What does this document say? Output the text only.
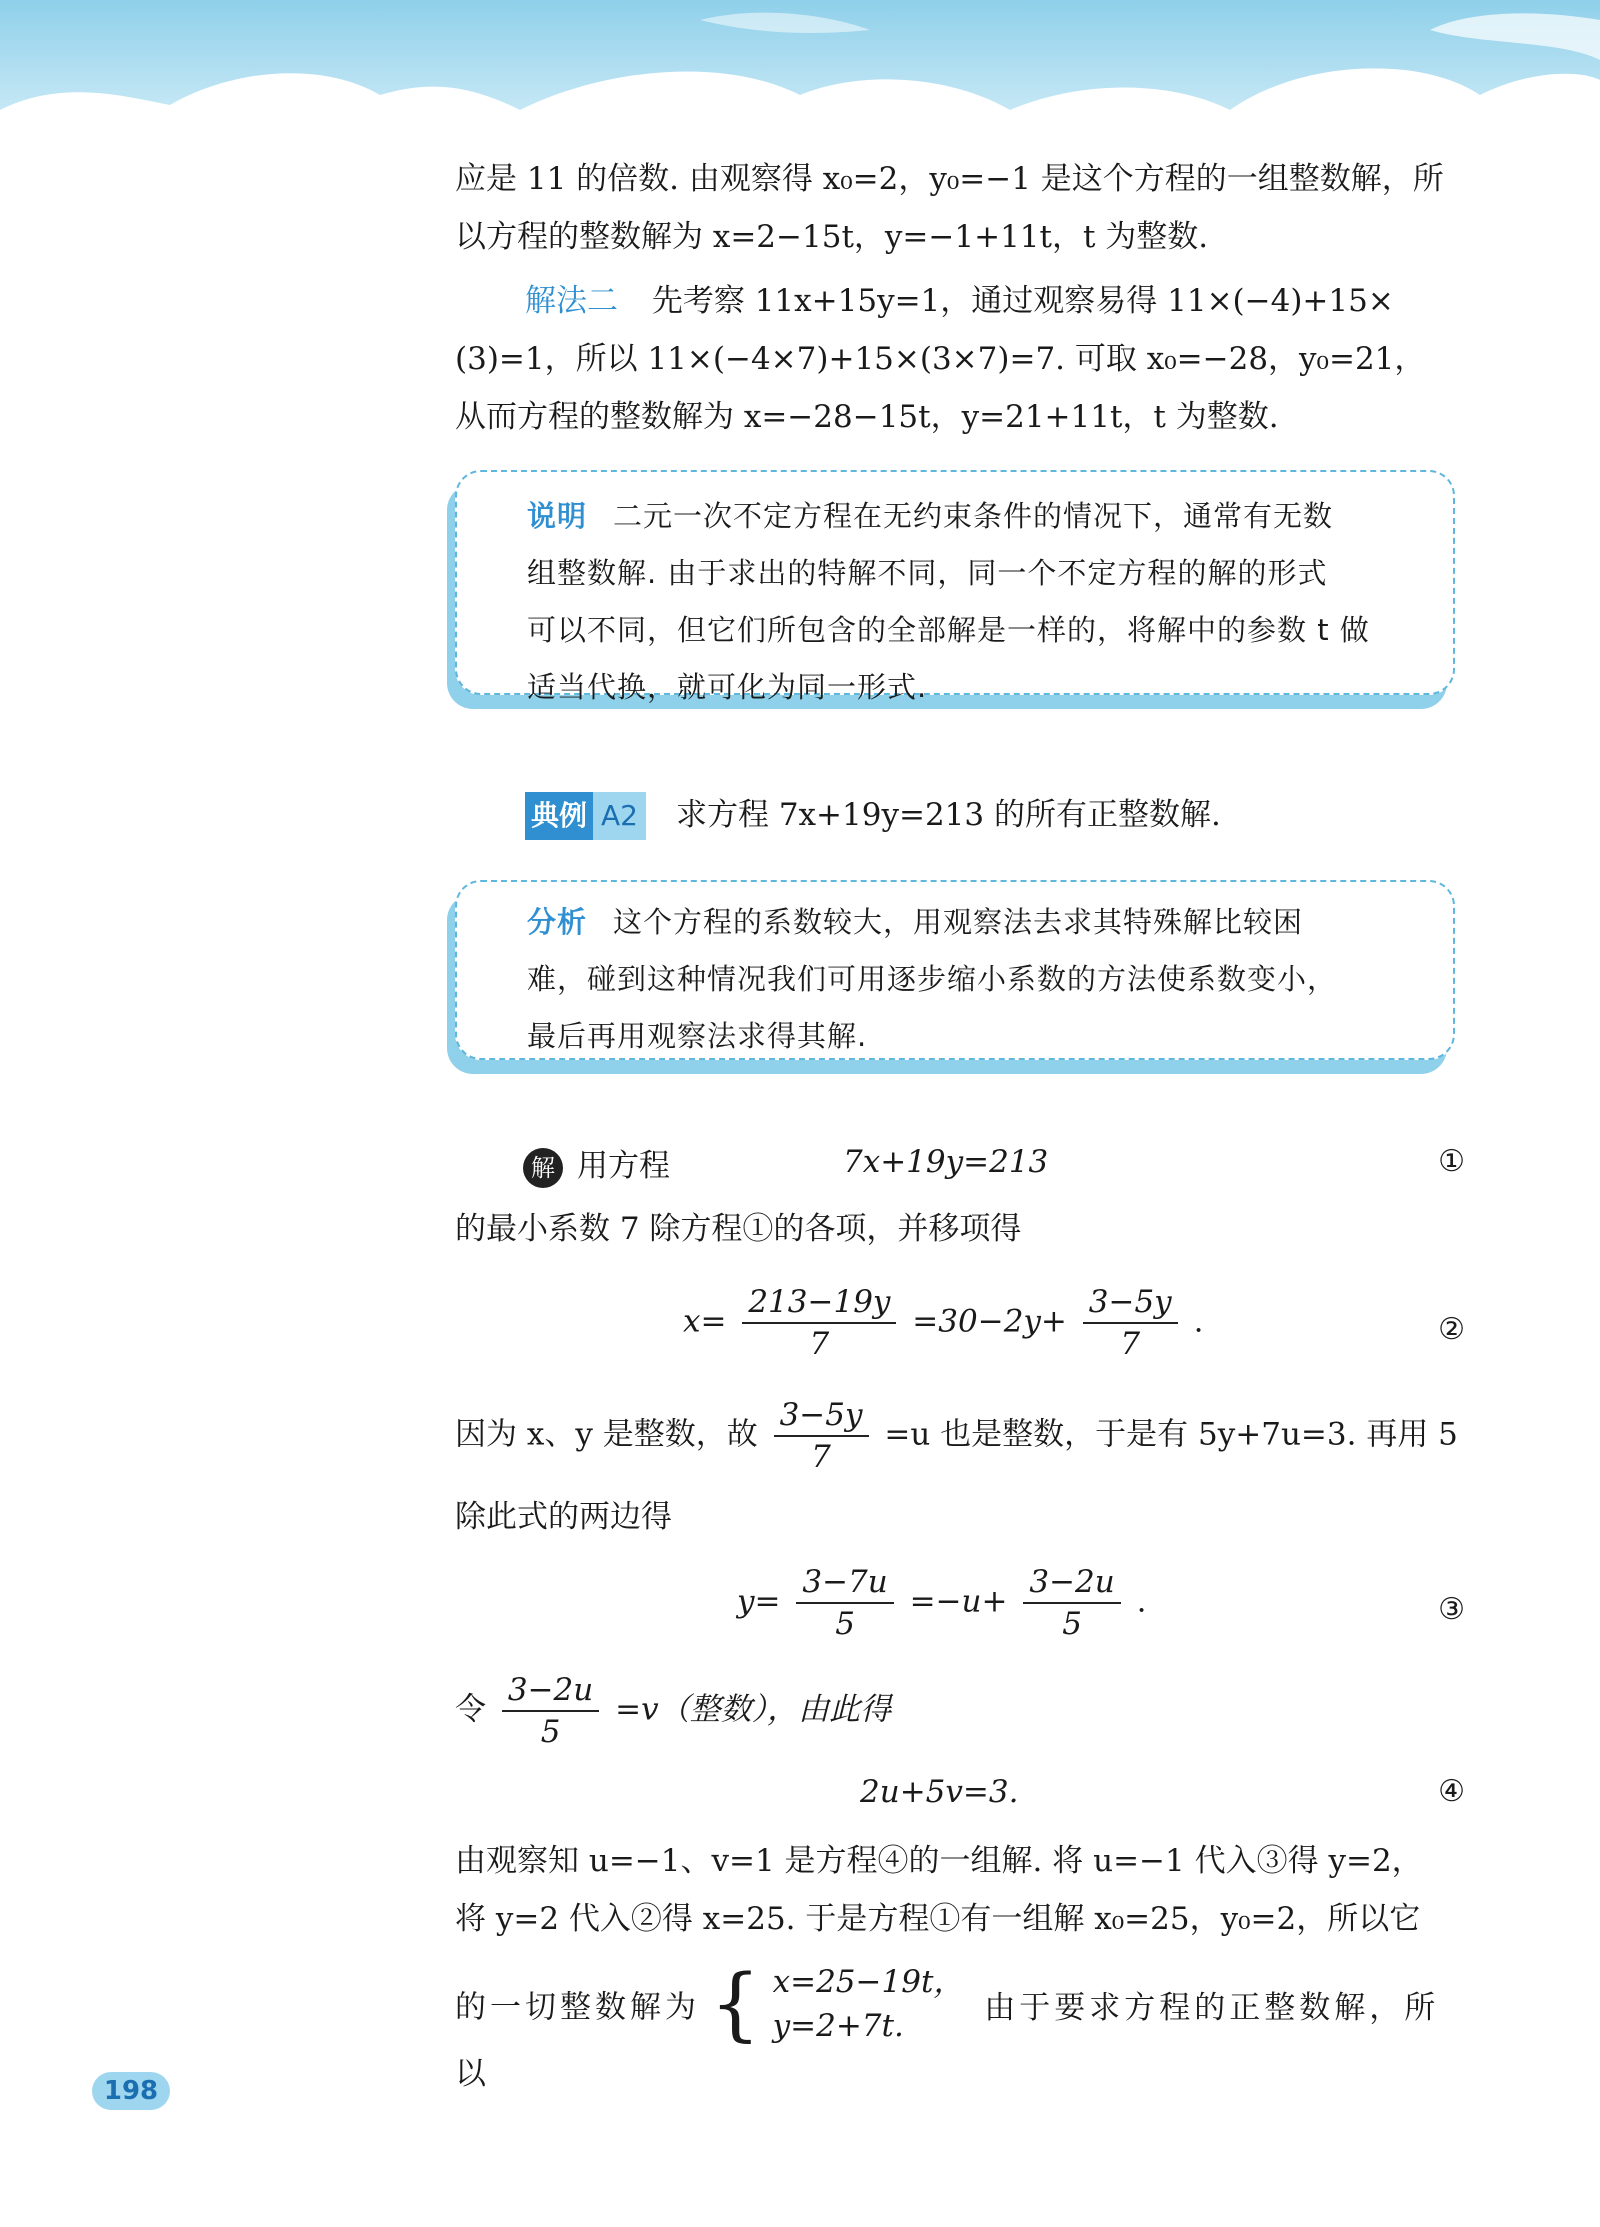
应是 11 的倍数. 由观察得 x₀=2，y₀=−1 是这个方程的一组整数解，所
以方程的整数解为 x=2−15t，y=−1+11t，t 为整数.
解法二 先考察 11x+15y=1，通过观察易得 11×(−4)+15×
(3)=1，所以 11×(−4×7)+15×(3×7)=7. 可取 x₀=−28，y₀=21，
从而方程的整数解为 x=−28−15t，y=21+11t，t 为整数.
说明 二元一次不定方程在无约束条件的情况下，通常有无数
组整数解. 由于求出的特解不同，同一个不定方程的解的形式
可以不同，但它们所包含的全部解是一样的，将解中的参数 t 做
适当代换，就可化为同一形式.
典例 A2 求方程 7x+19y=213 的所有正整数解.
分析 这个方程的系数较大，用观察法去求其特殊解比较困
难，碰到这种情况我们可用逐步缩小系数的方法使系数变小，
最后再用观察法求得其解.
解 用方程	7x+19y=213	①
的最小系数 7 除方程①的各项，并移项得
$x= \frac{213-19y}{7} =30-2y+ \frac{3-5y}{7}$ .	②
因为 x、y 是整数，故 $\frac{3-5y}{7} =u$ 也是整数，于是有 5y+7u=3. 再用 5
除此式的两边得
$y= \frac{3-7u}{5} =-u+ \frac{3-2u}{5}$ .	③
令 $\frac{3-2u}{5} =v$（整数），由此得
2u+5v=3.	④
由观察知 u=−1、v=1 是方程④的一组解. 将 u=−1 代入③得 y=2，
将 y=2 代入②得 x=25. 于是方程①有一组解 x₀=25，y₀=2，所以它
的一切整数解为 { x=25−19t，
y=2+7t.
由于要求方程的正整数解，所以
198
